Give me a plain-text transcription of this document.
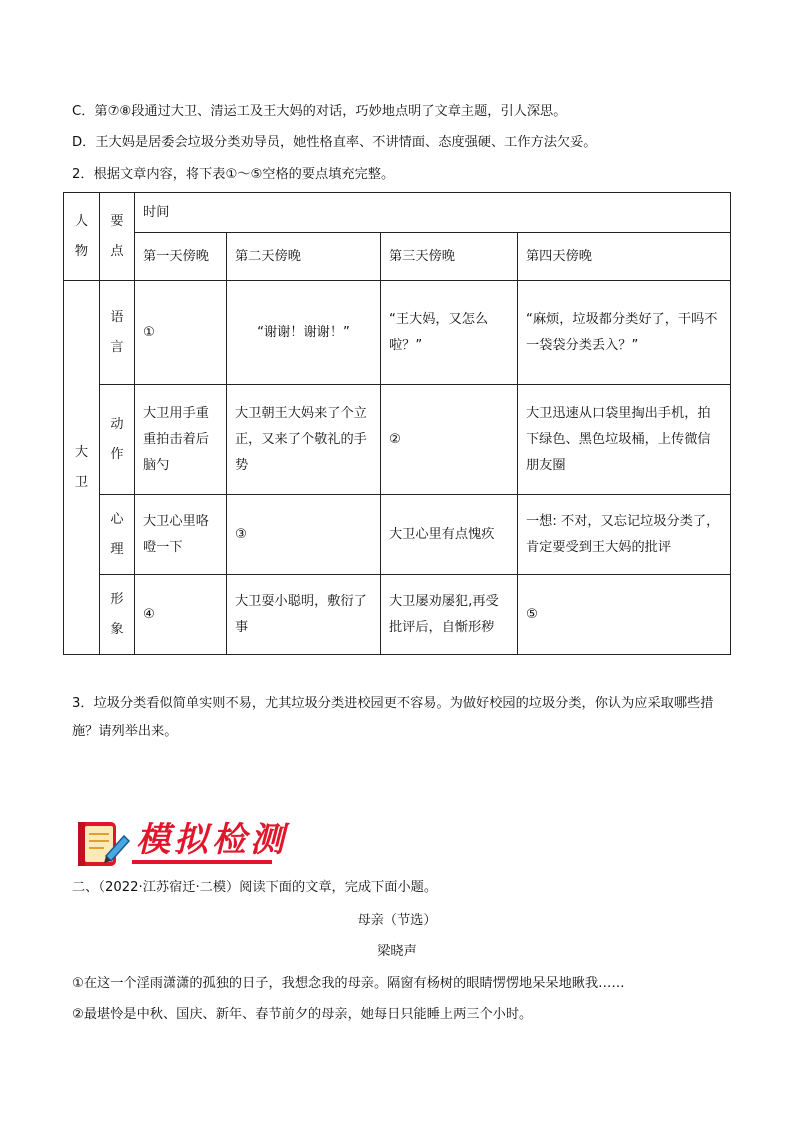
C．第⑦⑧段通过大卫、清运工及王大妈的对话，巧妙地点明了文章主题，引人深思。
D．王大妈是居委会垃圾分类劝导员，她性格直率、不讲情面、态度强硬、工作方法欠妥。
2．根据文章内容，将下表①～⑤空格的要点填充完整。
人物	要点	时间			
		第一天傍晚	第二天傍晚	第三天傍晚	第四天傍晚

大卫	语言	①	“谢谢！谢谢！”	“王大妈，又怎么啦？”	“麻烦，垃圾都分类好了，干吗不一袋袋分类丢入？”

	动作	大卫用手重重拍击着后脑勺	大卫朝王大妈来了个立正，又来了个敬礼的手势	②	大卫迅速从口袋里掏出手机，拍下绿色、黑色垃圾桶，上传微信朋友圈

	心理	大卫心里咯噔一下	③	大卫心里有点愧疚	一想: 不对，又忘记垃圾分类了，肯定要受到王大妈的批评

	形象	④	大卫耍小聪明，敷衍了事	大卫屡劝屡犯,再受批评后，自惭形秽	⑤
3．垃圾分类看似简单实则不易，尤其垃圾分类进校园更不容易。为做好校园的垃圾分类，你认为应采取哪些措施？请列举出来。
模拟检测
二、（2022·江苏宿迁·二模）阅读下面的文章，完成下面小题。
母亲（节选）
梁晓声
①在这一个淫雨潇潇的孤独的日子，我想念我的母亲。隔窗有杨树的眼睛愣愣地呆呆地瞅我……
②最堪怜是中秋、国庆、新年、春节前夕的母亲，她每日只能睡上两三个小时。
